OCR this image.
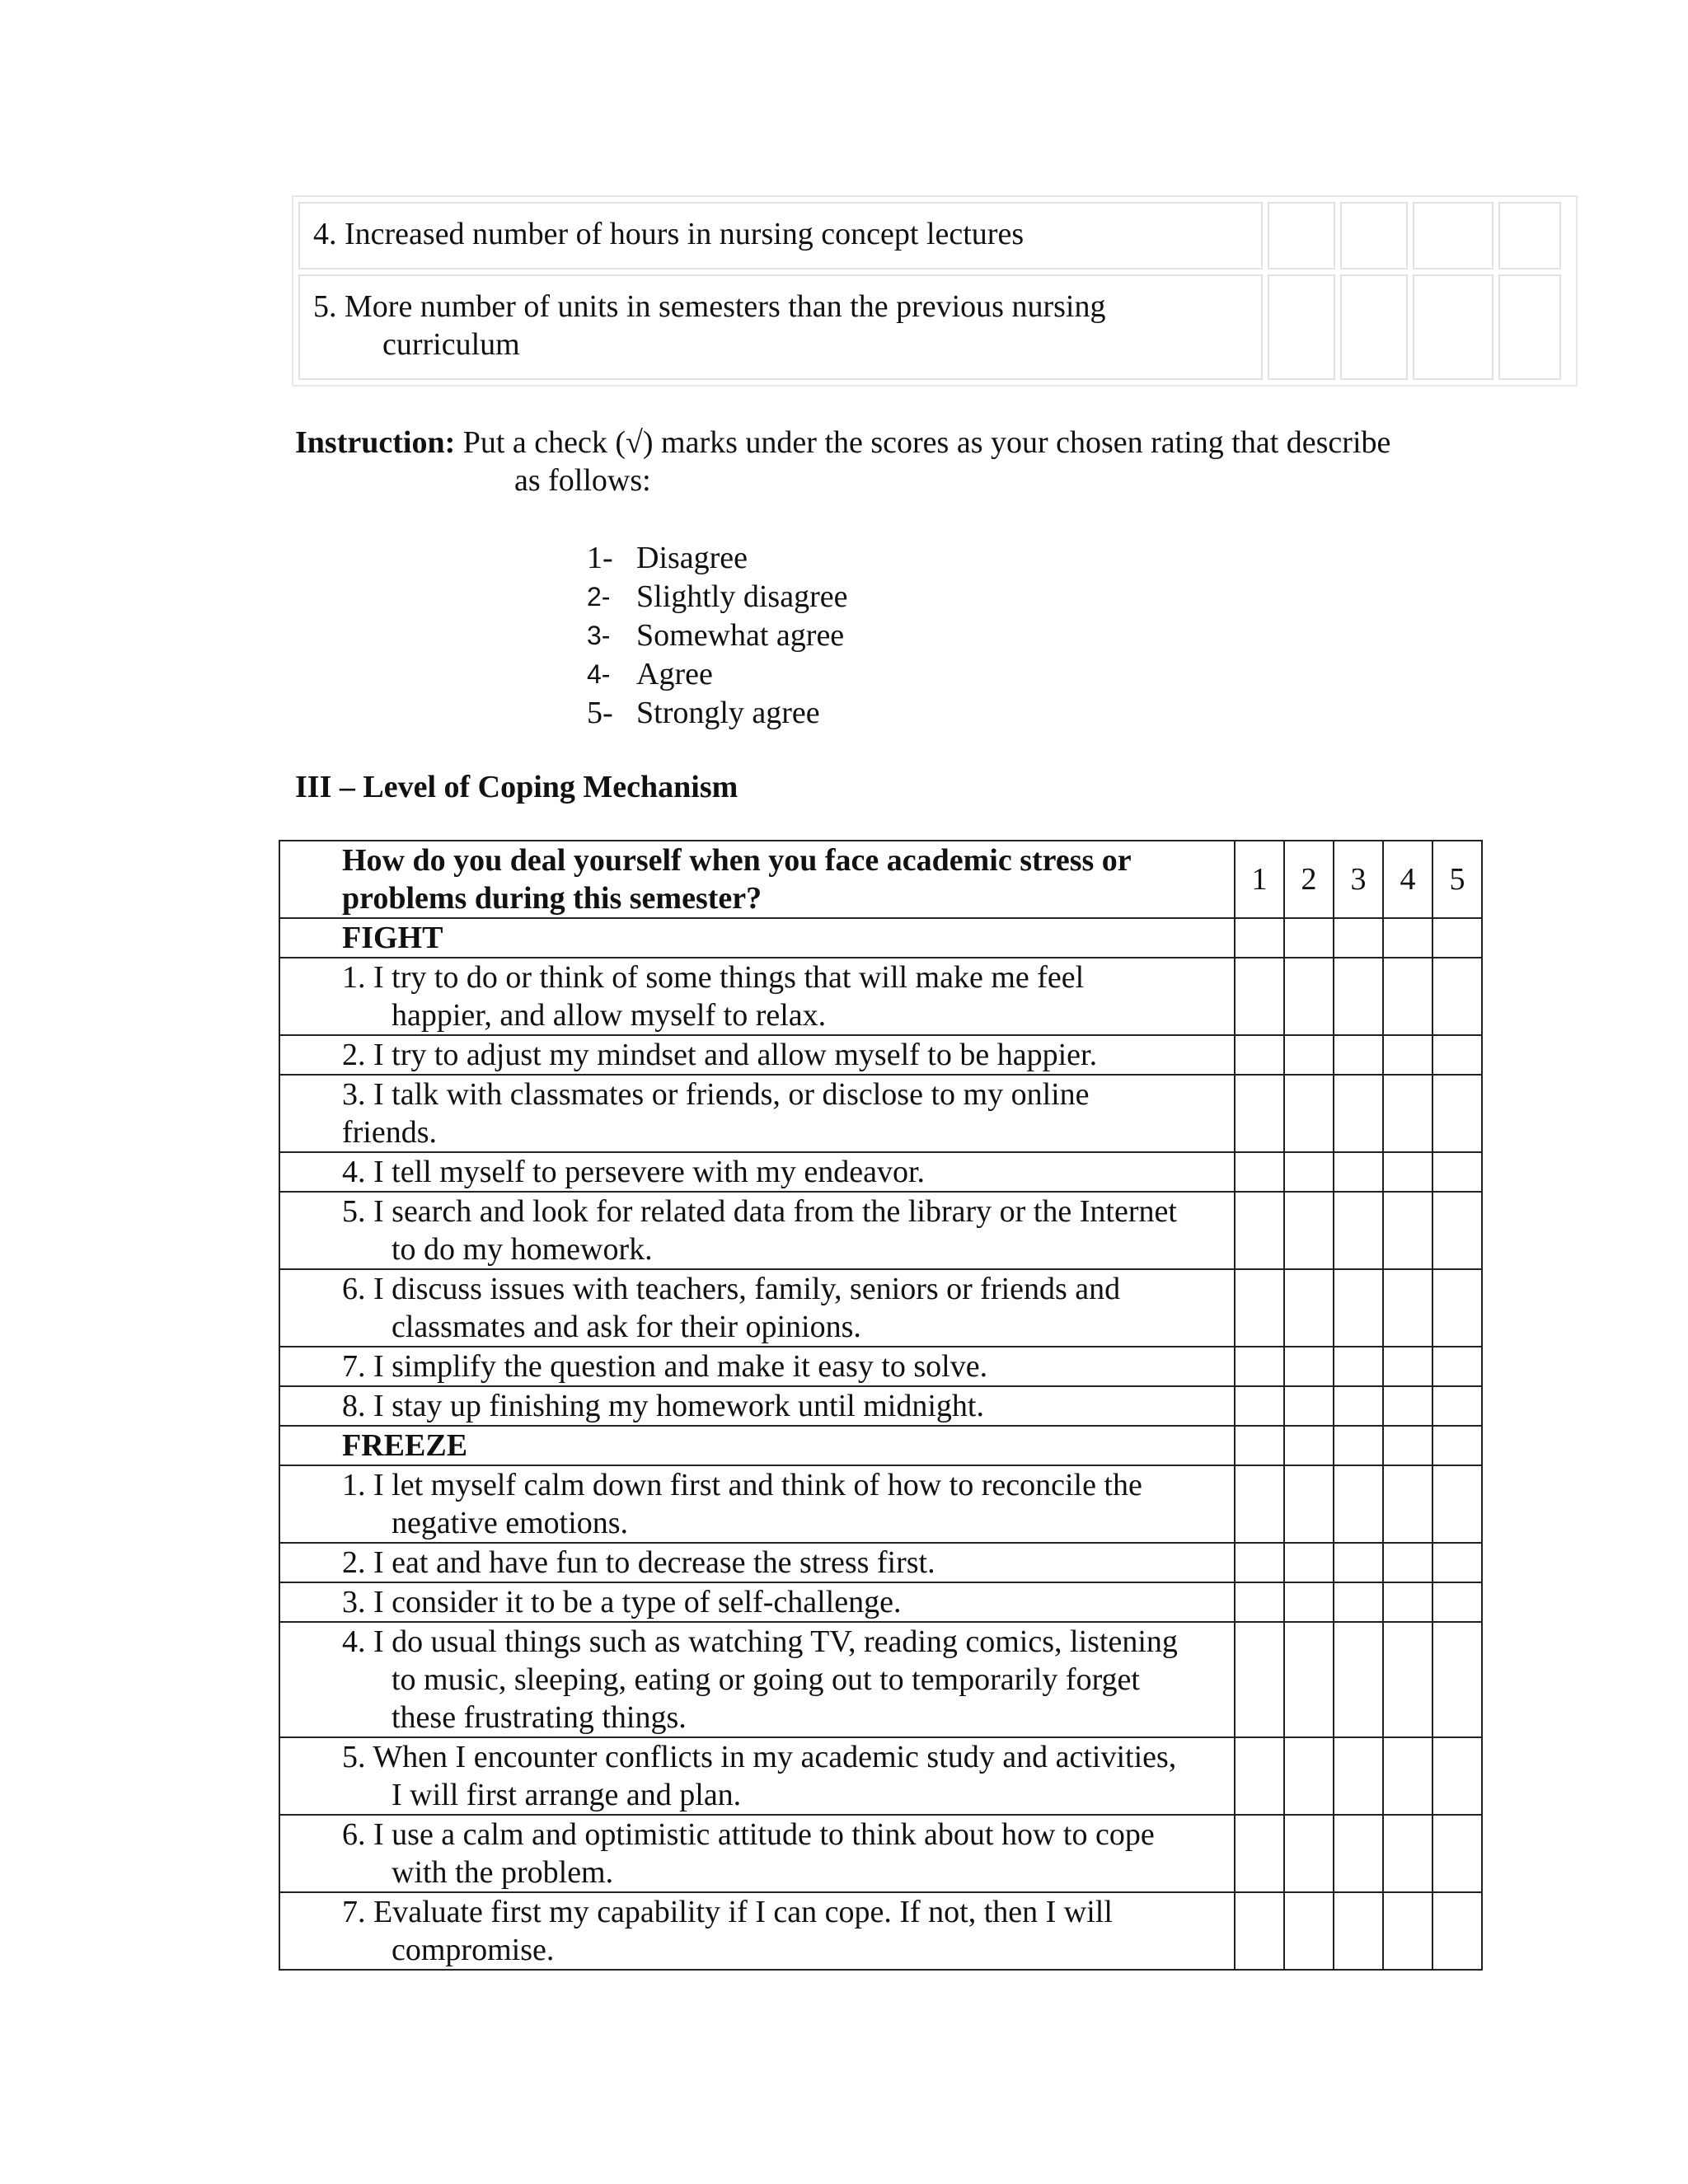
4. Increased number of hours in nursing concept lectures
5. More number of units in semesters than the previous nursing
curriculum
Instruction: Put a check (√) marks under the scores as your chosen rating that describe
as follows:
1- Disagree
2- Slightly disagree
3- Somewhat agree
4- Agree
5- Strongly agree
III – Level of Coping Mechanism
How do you deal yourself when you face academic stress or
problems during this semester?	1	2	3	4	5
FIGHT					
1. I try to do or think of some things that will make me feel
happier, and allow myself to relax.					

2. I try to adjust my mindset and allow myself to be happier.					
3. I talk with classmates or friends, or disclose to my online
friends.					
4. I tell myself to persevere with my endeavor.					
5. I search and look for related data from the library or the Internet
to do my homework.					

6. I discuss issues with teachers, family, seniors or friends and
classmates and ask for their opinions.					

7. I simplify the question and make it easy to solve.					
8. I stay up finishing my homework until midnight.					
FREEZE					
1. I let myself calm down first and think of how to reconcile the
negative emotions.					

2. I eat and have fun to decrease the stress first.					
3. I consider it to be a type of self-challenge.					
4. I do usual things such as watching TV, reading comics, listening
to music, sleeping, eating or going out to temporarily forget
these frustrating things.					

5. When I encounter conflicts in my academic study and activities,
I will first arrange and plan.					

6. I use a calm and optimistic attitude to think about how to cope
with the problem.					

7. Evaluate first my capability if I can cope. If not, then I will
compromise.					
